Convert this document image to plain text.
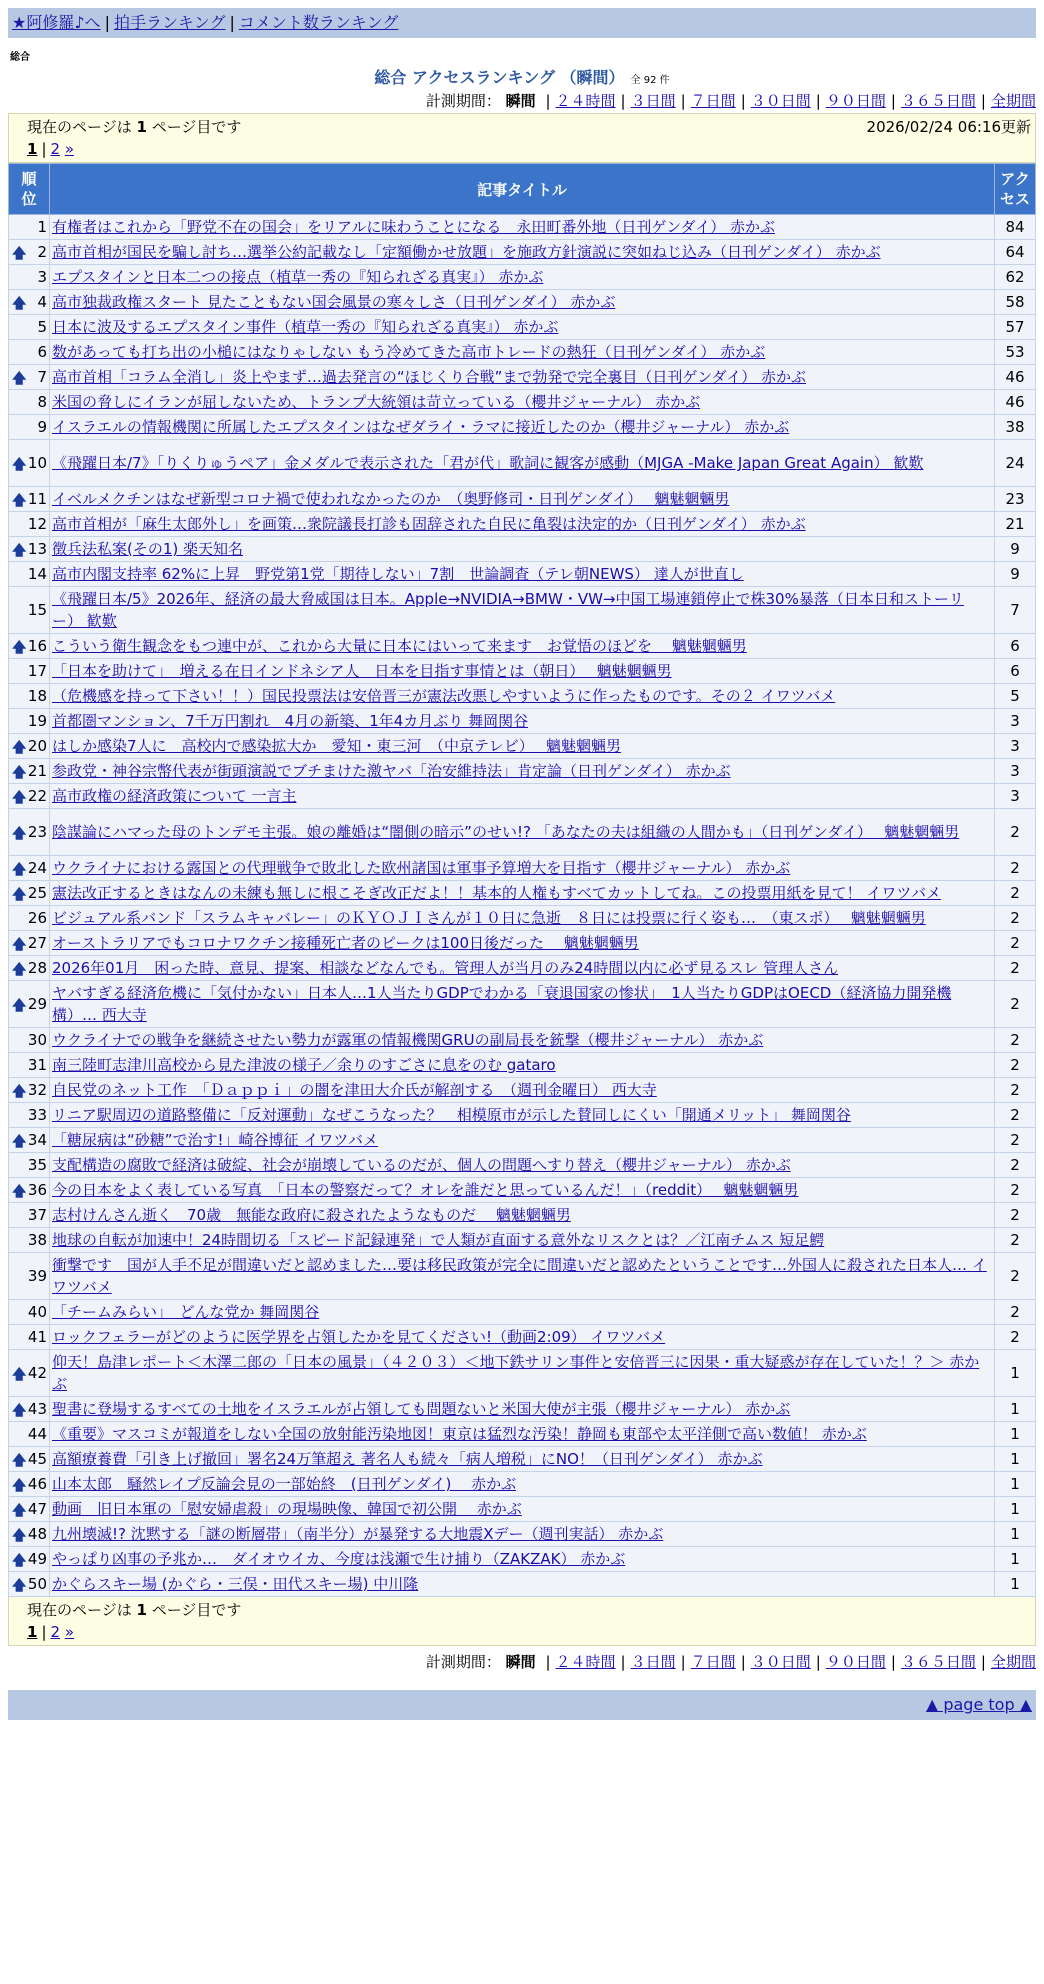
★阿修羅♪へ | 拍手ランキング | コメント数ランキング
総合
総合 アクセスランキング （瞬間） 全 92 件
計測期間： 瞬間 | ２４時間 | ３日間 | ７日間 | ３０日間 | ９０日間 | ３６５日間 | 全期間
現在のページは 1 ページ目です	2026/02/24 06:16更新
1 | 2 »
順
位	記事タイトル	アク
セス
1	有権者はこれから「野党不在の国会」をリアルに味わうことになる　永田町番外地（日刊ゲンダイ） 赤かぶ	84

🡅 2	高市首相が国民を騙し討ち…選挙公約記載なし「定額働かせ放題」を施政方針演説に突如ねじ込み（日刊ゲンダイ） 赤かぶ	64
3	エプスタインと日本二つの接点（植草一秀の『知られざる真実』） 赤かぶ	62

🡅 4	高市独裁政権スタート 見たこともない国会風景の寒々しさ（日刊ゲンダイ） 赤かぶ	58
5	日本に波及するエプスタイン事件（植草一秀の『知られざる真実』） 赤かぶ	57
6	数があっても打ち出の小槌にはなりゃしない もう冷めてきた高市トレードの熱狂（日刊ゲンダイ） 赤かぶ	53

🡅 7	高市首相「コラム全消し」炎上やまず…過去発言の“ほじくり合戦”まで勃発で完全裏目（日刊ゲンダイ） 赤かぶ	46
8	米国の脅しにイランが屈しないため、トランプ大統領は苛立っている（櫻井ジャーナル） 赤かぶ	46
9	イスラエルの情報機関に所属したエプスタインはなぜダライ・ラマに接近したのか（櫻井ジャーナル） 赤かぶ	38

🡅 10	《飛躍日本/7》「りくりゅうペア」金メダルで表示された「君が代」歌詞に観客が感動（MJGA -Make Japan Great Again） 歓歎	24

🡅 11	イベルメクチンはなぜ新型コロナ禍で使われなかったのか　（奥野修司・日刊ゲンダイ）　 魑魅魍魎男	23
12	高市首相が「麻生太郎外し」を画策…衆院議長打診も固辞された自民に亀裂は決定的か（日刊ゲンダイ） 赤かぶ	21

🡅 13	徴兵法私案(その1) 楽天知名	9
14	高市内閣支持率 62%に上昇　野党第1党「期待しない」7割　世論調査（テレ朝NEWS） 達人が世直し	9
15	《飛躍日本/5》2026年、経済の最大脅威国は日本。Apple→NVIDIA→BMW・VW→中国工場連鎖停止で株30%暴落（日本日和ストーリー） 歓歎	7

🡅 16	こういう衛生観念をもつ連中が、これから大量に日本にはいって来ます　お覚悟のほどを　 魑魅魍魎男	6
17	「日本を助けて」　増える在日インドネシア人　日本を目指す事情とは（朝日）　 魑魅魍魎男	6
18	（危機感を持って下さい！！）国民投票法は安倍晋三が憲法改悪しやすいように作ったものです。その２ イワツバメ	5
19	首都圏マンション、7千万円割れ　4月の新築、1年4カ月ぶり 舞岡関谷	3

🡅 20	はしか感染7人に　高校内で感染拡大か　愛知・東三河　（中京テレビ）　 魑魅魍魎男	3

🡅 21	参政党・神谷宗幣代表が街頭演説でブチまけた激ヤバ「治安維持法」肯定論（日刊ゲンダイ） 赤かぶ	3

🡅 22	高市政権の経済政策について 一言主	3

🡅 23	陰謀論にハマった母のトンデモ主張。娘の離婚は“闇側の暗示”のせい!? 「あなたの夫は組織の人間かも」（日刊ゲンダイ）　 魑魅魍魎男	2

🡅 24	ウクライナにおける露国との代理戦争で敗北した欧州諸国は軍事予算増大を目指す（櫻井ジャーナル） 赤かぶ	2

🡅 25	憲法改正するときはなんの未練も無しに根こそぎ改正だよ！！基本的人権もすべてカットしてね。この投票用紙を見て！ イワツバメ	2
26	ビジュアル系バンド「スラムキャバレー」のＫＹＯＪＩさんが１０日に急逝　８日には投票に行く姿も…　（東スポ）　 魑魅魍魎男	2

🡅 27	オーストラリアでもコロナワクチン接種死亡者のピークは100日後だった　 魑魅魍魎男	2

🡅 28	2026年01月　困った時、意見、提案、相談などなんでも。管理人が当月のみ24時間以内に必ず見るスレ 管理人さん	2

🡅 29	ヤバすぎる経済危機に「気付かない」日本人…1人当たりGDPでわかる「衰退国家の惨状」　1人当たりGDPはOECD（経済協力開発機構）… 西大寺	2
30	ウクライナでの戦争を継続させたい勢力が露軍の情報機関GRUの副局長を銃撃（櫻井ジャーナル） 赤かぶ	2
31	南三陸町志津川高校から見た津波の様子／余りのすごさに息をのむ gataro	2

🡅 32	自民党のネット工作　「Ｄａｐｐｉ」の闇を津田大介氏が解剖する　（週刊金曜日） 西大寺	2
33	リニア駅周辺の道路整備に「反対運動」なぜこうなった？　相模原市が示した賛同しにくい「開通メリット」 舞岡関谷	2

🡅 34	「糖尿病は“砂糖”で治す!」崎谷博征 イワツバメ	2
35	支配構造の腐敗で経済は破綻、社会が崩壊しているのだが、個人の問題へすり替え（櫻井ジャーナル） 赤かぶ	2

🡅 36	今の日本をよく表している写真　「日本の警察だって？オレを誰だと思っているんだ！」（reddit）　 魑魅魍魎男	2
37	志村けんさん逝く　70歳　無能な政府に殺されたようなものだ　 魑魅魍魎男	2
38	地球の自転が加速中！24時間切る「スピード記録連発」で人類が直面する意外なリスクとは？／江南チムス 短足鰐	2
39	衝撃です　国が人手不足が間違いだと認めました…要は移民政策が完全に間違いだと認めたということです…外国人に殺された日本人… イワツバメ	2
40	「チームみらい」　どんな党か 舞岡関谷	2
41	ロックフェラーがどのように医学界を占領したかを見てください!（動画2:09） イワツバメ	2

🡅 42	仰天！島津レポート＜木澤二郎の「日本の風景」（４２０３）＜地下鉄サリン事件と安倍晋三に因果・重大疑惑が存在していた！？＞ 赤かぶ	1

🡅 43	聖書に登場するすべての土地をイスラエルが占領しても問題ないと米国大使が主張（櫻井ジャーナル） 赤かぶ	1
44	《重要》マスコミが報道をしない全国の放射能汚染地図！東京は猛烈な汚染！静岡も東部や太平洋側で高い数値！ 赤かぶ	1

🡅 45	高額療養費「引き上げ撤回」署名24万筆超え 著名人も続々「病人増税」にNO！（日刊ゲンダイ） 赤かぶ	1

🡅 46	山本太郎　騒然レイプ反論会見の一部始終　(日刊ゲンダイ)　 赤かぶ	1

🡅 47	動画　旧日本軍の「慰安婦虐殺」の現場映像、韓国で初公開　 赤かぶ	1

🡅 48	九州壊滅!? 沈黙する「謎の断層帯」（南半分）が暴発する大地震Xデー（週刊実話） 赤かぶ	1

🡅 49	やっぱり凶事の予兆か…　ダイオウイカ、今度は浅瀬で生け捕り（ZAKZAK） 赤かぶ	1

🡅 50	かぐらスキー場 (かぐら・三俣・田代スキー場) 中川隆	1
現在のページは 1 ページ目です
1 | 2 »
計測期間： 瞬間 | ２４時間 | ３日間 | ７日間 | ３０日間 | ９０日間 | ３６５日間 | 全期間
▲ page top ▲
